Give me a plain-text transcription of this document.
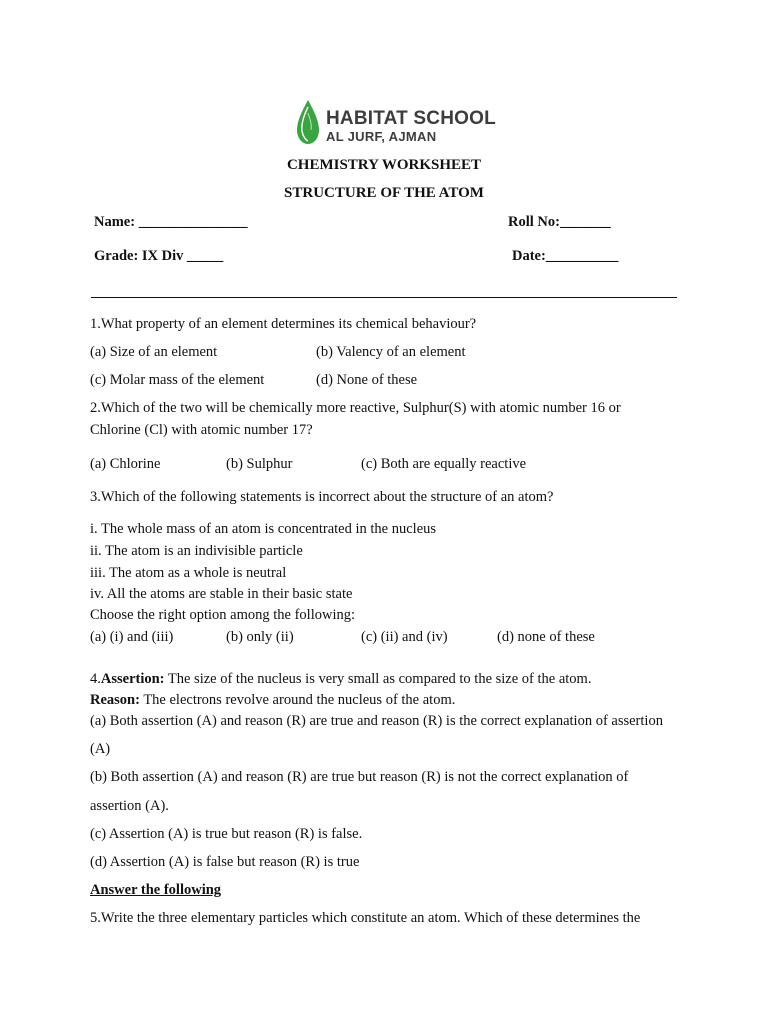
HABITAT SCHOOL
AL JURF, AJMAN
CHEMISTRY WORKSHEET
STRUCTURE OF THE ATOM
Name: _______________	Roll No:_______
Grade: IX Div _____	Date:__________
1.What property of an element determines its chemical behaviour?
(a) Size of an element	(b) Valency of an element
(c) Molar mass of the element	(d) None of these
2.Which of the two will be chemically more reactive, Sulphur(S) with atomic number 16 or
Chlorine (Cl) with atomic number 17?
(a) Chlorine	(b) Sulphur	(c) Both are equally reactive
3.Which of the following statements is incorrect about the structure of an atom?
i. The whole mass of an atom is concentrated in the nucleus
ii. The atom is an indivisible particle
iii. The atom as a whole is neutral
iv. All the atoms are stable in their basic state
Choose the right option among the following:
(a) (i) and (iii)	(b) only (ii)	(c) (ii) and (iv)	(d) none of these
4.Assertion: The size of the nucleus is very small as compared to the size of the atom.
Reason: The electrons revolve around the nucleus of the atom.
(a) Both assertion (A) and reason (R) are true and reason (R) is the correct explanation of assertion
(A)
(b) Both assertion (A) and reason (R) are true but reason (R) is not the correct explanation of
assertion (A).
(c) Assertion (A) is true but reason (R) is false.
(d) Assertion (A) is false but reason (R) is true
Answer the following
5.Write the three elementary particles which constitute an atom. Which of these determines the
